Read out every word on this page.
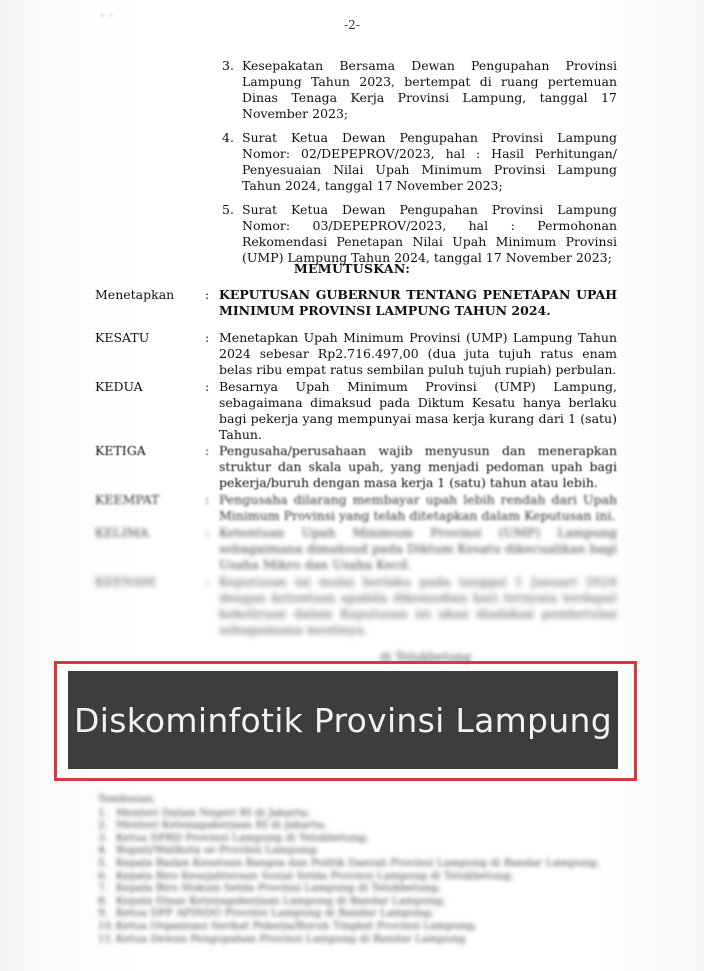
· ·
-2-
3. Kesepakatan Bersama Dewan Pengupahan Provinsi Lampung Tahun 2023, bertempat di ruang pertemuan Dinas Tenaga Kerja Provinsi Lampung, tanggal 17 November 2023;
4. Surat Ketua Dewan Pengupahan Provinsi Lampung Nomor: 02/DEPEPROV/2023, hal : Hasil Perhitungan/ Penyesuaian Nilai Upah Minimum Provinsi Lampung Tahun 2024, tanggal 17 November 2023;
5. Surat Ketua Dewan Pengupahan Provinsi Lampung Nomor: 03/DEPEPROV/2023, hal : Permohonan Rekomendasi Penetapan Nilai Upah Minimum Provinsi (UMP) Lampung Tahun 2024, tanggal 17 November 2023;
MEMUTUSKAN:
Menetapkan	: KEPUTUSAN GUBERNUR TENTANG PENETAPAN UPAH MINIMUM PROVINSI LAMPUNG TAHUN 2024.
KESATU	: Menetapkan Upah Minimum Provinsi (UMP) Lampung Tahun 2024 sebesar Rp2.716.497,00 (dua juta tujuh ratus enam belas ribu empat ratus sembilan puluh tujuh rupiah) perbulan.
KEDUA	: Besarnya Upah Minimum Provinsi (UMP) Lampung, sebagaimana dimaksud pada Diktum Kesatu hanya berlaku bagi pekerja yang mempunyai masa kerja kurang dari 1 (satu) Tahun.
KETIGA	: Pengusaha/perusahaan wajib menyusun dan menerapkan struktur dan skala upah, yang menjadi pedoman upah bagi pekerja/buruh dengan masa kerja 1 (satu) tahun atau lebih.
KEEMPAT	: Pengusaha dilarang membayar upah lebih rendah dari Upah Minimum Provinsi yang telah ditetapkan dalam Keputusan ini.
KELIMA	: Ketentuan Upah Minimum Provinsi (UMP) Lampung sebagaimana dimaksud pada Diktum Kesatu dikecualikan bagi Usaha Mikro dan Usaha Kecil.
KEENAM	: Keputusan ini mulai berlaku pada tanggal 1 Januari 2024 dengan ketentuan apabila dikemudian hari ternyata terdapat kekeliruan dalam Keputusan ini akan diadakan pembetulan sebagaimana mestinya.
di Telukbetung
Diskominfotik Provinsi Lampung
Tembusan:
1. Menteri Dalam Negeri RI di Jakarta;
2. Menteri Ketenagakerjaan RI di Jakarta;
3. Ketua DPRD Provinsi Lampung di Telukbetung;
4. Bupati/Walikota se Provinsi Lampung;
5. Kepala Badan Kesatuan Bangsa dan Politik Daerah Provinsi Lampung di Bandar Lampung;
6. Kepala Biro Kesejahteraan Sosial Setda Provinsi Lampung di Telukbetung;
7. Kepala Biro Hukum Setda Provinsi Lampung di Telukbetung;
8. Kepala Dinas Ketenagakerjaan Lampung di Bandar Lampung;
9. Ketua DPP APINDO Provinsi Lampung di Bandar Lampung;
10. Ketua Organisasi Serikat Pekerja/Buruh Tingkat Provinsi Lampung;
11. Ketua Dewan Pengupahan Provinsi Lampung di Bandar Lampung.
